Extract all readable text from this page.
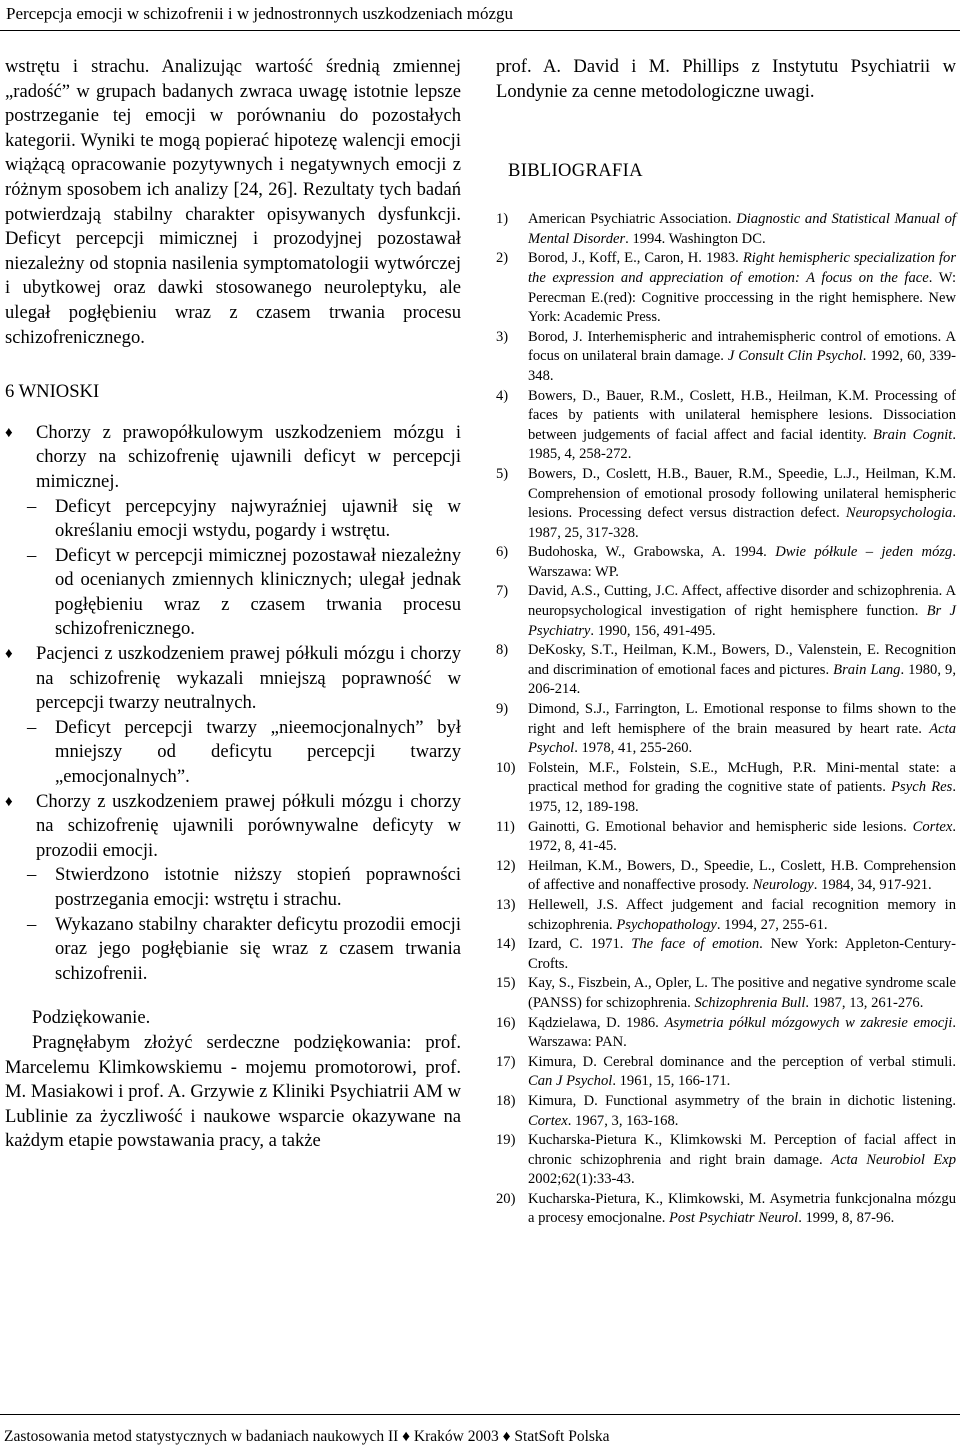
Percepcja emocji w schizofrenii i w jednostronnych uszkodzeniach mózgu

wstrętu i strachu. Analizując wartość średnią zmiennej „radość” w grupach badanych zwraca uwagę istotnie lepsze postrzeganie tej emocji w porównaniu do pozostałych kategorii. Wyniki te mogą popierać hipotezę walencji emocji wiążącą opracowanie pozytywnych i negatywnych emocji z różnym sposobem ich analizy [24, 26]. Rezultaty tych badań potwierdzają stabilny charakter opisywanych dysfunkcji. Deficyt percepcji mimicznej i prozodyjnej pozostawał niezależny od stopnia nasilenia symptomatologii wytwórczej i ubytkowej oraz dawki stosowanego neuroleptyku, ale ulegał pogłębieniu wraz z czasem trwania procesu schizofrenicznego.

6 WNIOSKI
♦	Chorzy z prawopółkulowym uszkodzeniem mózgu i chorzy na schizofrenię ujawnili deficyt w percepcji mimicznej.
– Deficyt percepcyjny najwyraźniej ujawnił się w określaniu emocji wstydu, pogardy i wstrętu.
– Deficyt w percepcji mimicznej pozostawał niezależny od ocenianych zmiennych klinicznych; ulegał jednak pogłębieniu wraz z czasem trwania procesu schizofrenicznego.
♦	Pacjenci z uszkodzeniem prawej półkuli mózgu i chorzy na schizofrenię wykazali mniejszą poprawność w percepcji twarzy neutralnych.
– Deficyt percepcji twarzy „nieemocjonalnych” był mniejszy od deficytu percepcji twarzy „emocjonalnych”.
♦	Chorzy z uszkodzeniem prawej półkuli mózgu i chorzy na schizofrenię ujawnili porównywalne deficyty w prozodii emocji.
– Stwierdzono istotnie niższy stopień poprawności postrzegania emocji: wstrętu i strachu.
– Wykazano stabilny charakter deficytu prozodii emocji oraz jego pogłębianie się wraz z czasem trwania schizofrenii.
Podziękowanie.

Pragnęłabym złożyć serdeczne podziękowania: prof. Marcelemu Klimkowskiemu - mojemu promotorowi, prof. M. Masiakowi i prof. A. Grzywie z Kliniki Psychiatrii AM w Lublinie za życzliwość i naukowe wsparcie okazywane na każdym etapie powstawania pracy, a także

prof. A. David i M. Phillips z Instytutu Psychiatrii w Londynie za cenne metodologiczne uwagi.

BIBLIOGRAFIA
1) American Psychiatric Association. Diagnostic and Statistical Manual of Mental Disorder. 1994. Washington DC.
2) Borod, J., Koff, E., Caron, H. 1983. Right hemispheric specialization for the expression and appreciation of emotion: A focus on the face. W: Perecman E.(red): Cognitive proccessing in the right hemisphere. New York: Academic Press.
3) Borod, J. Interhemispheric and intrahemispheric control of emotions. A focus on unilateral brain damage. J Consult Clin Psychol. 1992, 60, 339-348.
4) Bowers, D., Bauer, R.M., Coslett, H.B., Heilman, K.M. Processing of faces by patients with unilateral hemisphere lesions. Dissociation between judgements of facial affect and facial identity. Brain Cognit. 1985, 4, 258-272.
5) Bowers, D., Coslett, H.B., Bauer, R.M., Speedie, L.J., Heilman, K.M. Comprehension of emotional prosody following unilateral hemispheric lesions. Processing defect versus distraction defect. Neuropsychologia. 1987, 25, 317-328.
6) Budohoska, W., Grabowska, A. 1994. Dwie półkule – jeden mózg. Warszawa: WP.
7) David, A.S., Cutting, J.C. Affect, affective disorder and schizophrenia. A neuropsychological investigation of right hemisphere function. Br J Psychiatry. 1990, 156, 491-495.
8) DeKosky, S.T., Heilman, K.M., Bowers, D., Valenstein, E. Recognition and discrimination of emotional faces and pictures. Brain Lang. 1980, 9, 206-214.
9) Dimond, S.J., Farrington, L. Emotional response to films shown to the right and left hemisphere of the brain measured by heart rate. Acta Psychol. 1978, 41, 255-260.
10) Folstein, M.F., Folstein, S.E., McHugh, P.R. Mini-mental state: a practical method for grading the cognitive state of patients. Psych Res. 1975, 12, 189-198.
11) Gainotti, G. Emotional behavior and hemispheric side lesions. Cortex. 1972, 8, 41-45.
12) Heilman, K.M., Bowers, D., Speedie, L., Coslett, H.B. Comprehension of affective and nonaffective prosody. Neurology. 1984, 34, 917-921.
13) Hellewell, J.S. Affect judgement and facial recognition memory in schizophrenia. Psychopathology. 1994, 27, 255-61.
14) Izard, C. 1971. The face of emotion. New York: Appleton-Century-Crofts.
15) Kay, S., Fiszbein, A., Opler, L. The positive and negative syndrome scale (PANSS) for schizophrenia. Schizophrenia Bull. 1987, 13, 261-276.
16) Kądzielawa, D. 1986. Asymetria półkul mózgowych w zakresie emocji. Warszawa: PAN.
17) Kimura, D. Cerebral dominance and the perception of verbal stimuli. Can J Psychol. 1961, 15, 166-171.
18) Kimura, D. Functional asymmetry of the brain in dichotic listening. Cortex. 1967, 3, 163-168.
19) Kucharska-Pietura K., Klimkowski M. Perception of facial affect in chronic schizophrenia and right brain damage. Acta Neurobiol Exp 2002;62(1):33-43.
20) Kucharska-Pietura, K., Klimkowski, M. Asymetria funkcjonalna mózgu a procesy emocjonalne. Post Psychiatr Neurol. 1999, 8, 87-96.
Zastosowania metod statystycznych w badaniach naukowych II ♦ Kraków 2003 ♦ StatSoft Polska
